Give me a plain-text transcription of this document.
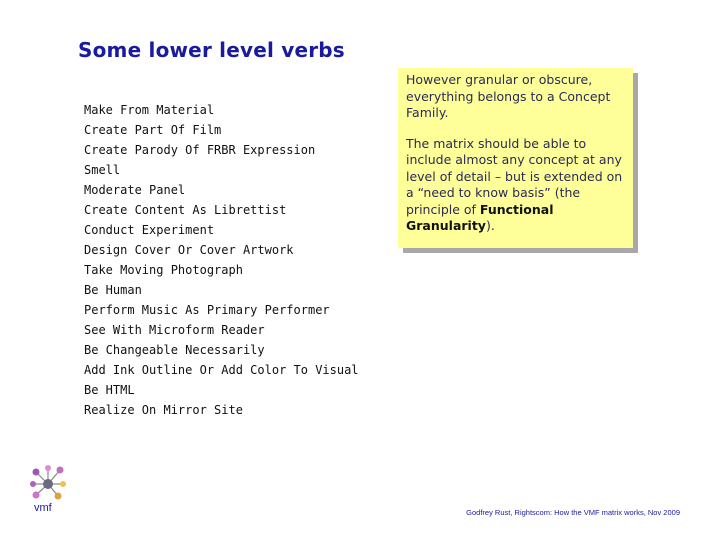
Some lower level verbs
Make From Material
Create Part Of Film
Create Parody Of FRBR Expression
Smell
Moderate Panel
Create Content As Librettist
Conduct Experiment
Design Cover Or Cover Artwork
Take Moving Photograph
Be Human
Perform Music As Primary Performer
See With Microform Reader
Be Changeable Necessarily
Add Ink Outline Or Add Color To Visual
Be HTML
Realize On Mirror Site

However granular or obscure, everything belongs to a Concept Family.

The matrix should be able to include almost any concept at any level of detail – but is extended on a “need to know basis” (the principle of Functional Granularity).

vmf	Godfrey Rust, Rightscom: How the VMF matrix works, Nov 2009
